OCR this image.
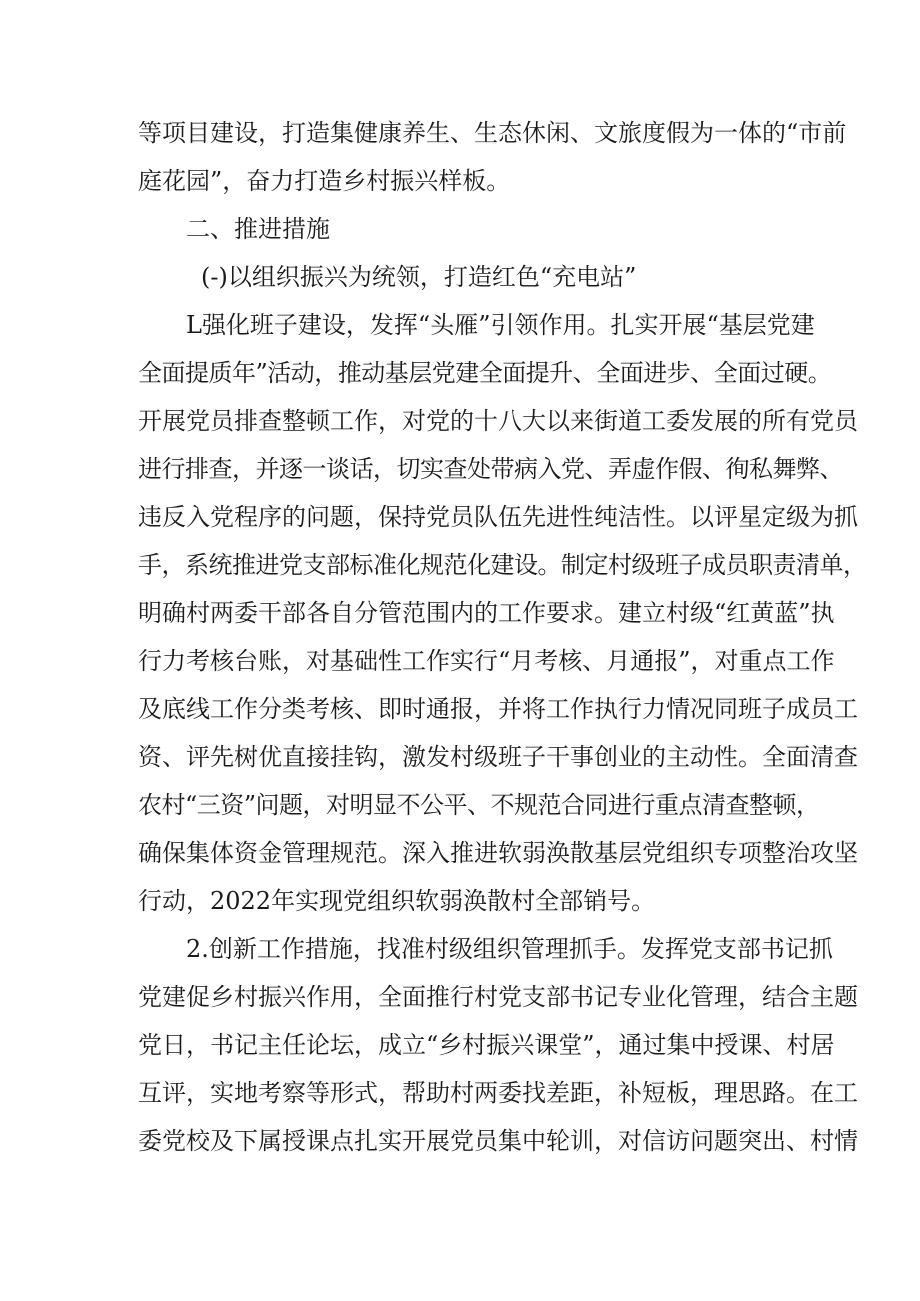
等项目建设，打造集健康养生、生态休闲、文旅度假为一体的“市前

庭花园”，奋力打造乡村振兴样板。

二、推进措施
(-)以组织振兴为统领，打造红色“充电站”

L强化班子建设，发挥“头雁”引领作用。扎实开展“基层党建

全面提质年”活动，推动基层党建全面提升、全面进步、全面过硬。

开展党员排查整顿工作，对党的十八大以来街道工委发展的所有党员

进行排查，并逐一谈话，切实查处带病入党、弄虚作假、徇私舞弊、

违反入党程序的问题，保持党员队伍先进性纯洁性。以评星定级为抓

手，系统推进党支部标准化规范化建设。制定村级班子成员职责清单，

明确村两委干部各自分管范围内的工作要求。建立村级“红黄蓝”执

行力考核台账，对基础性工作实行“月考核、月通报”，对重点工作

及底线工作分类考核、即时通报，并将工作执行力情况同班子成员工

资、评先树优直接挂钩，激发村级班子干事创业的主动性。全面清查

农村“三资”问题，对明显不公平、不规范合同进行重点清查整顿，

确保集体资金管理规范。深入推进软弱涣散基层党组织专项整治攻坚

行动，2022年实现党组织软弱涣散村全部销号。

2.创新工作措施，找准村级组织管理抓手。发挥党支部书记抓

党建促乡村振兴作用，全面推行村党支部书记专业化管理，结合主题

党日，书记主任论坛，成立“乡村振兴课堂”，通过集中授课、村居

互评，实地考察等形式，帮助村两委找差距，补短板，理思路。在工

委党校及下属授课点扎实开展党员集中轮训，对信访问题突出、村情
